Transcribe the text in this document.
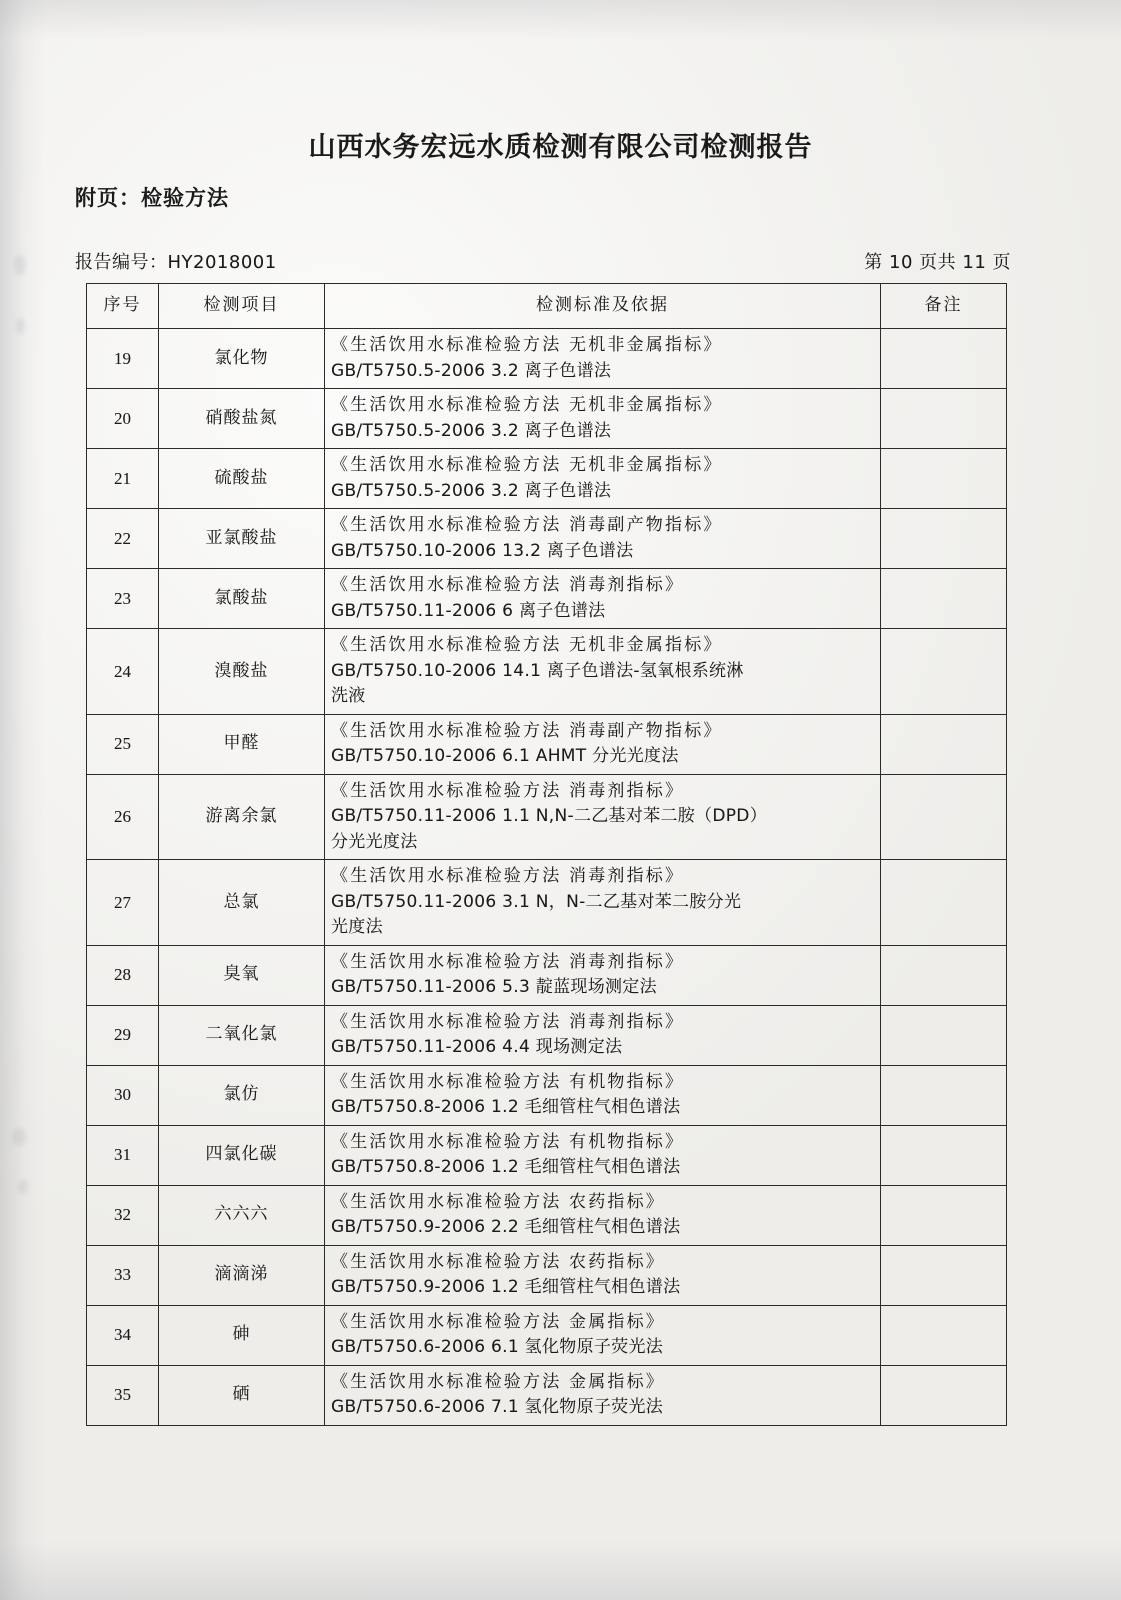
山西水务宏远水质检测有限公司检测报告
附页：检验方法
报告编号：HY2018001	第 10 页共 11 页
序号	检测项目	检测标准及依据	备注
19	氯化物	《生活饮用水标准检验方法 无机非金属指标》
GB/T5750.5-2006 3.2 离子色谱法	

20	硝酸盐氮	《生活饮用水标准检验方法 无机非金属指标》
GB/T5750.5-2006 3.2 离子色谱法	

21	硫酸盐	《生活饮用水标准检验方法 无机非金属指标》
GB/T5750.5-2006 3.2 离子色谱法	

22	亚氯酸盐	《生活饮用水标准检验方法 消毒副产物指标》
GB/T5750.10-2006 13.2 离子色谱法	

23	氯酸盐	《生活饮用水标准检验方法 消毒剂指标》
GB/T5750.11-2006 6 离子色谱法	

24	溴酸盐	《生活饮用水标准检验方法 无机非金属指标》
GB/T5750.10-2006 14.1 离子色谱法-氢氧根系统淋
洗液	

25	甲醛	《生活饮用水标准检验方法 消毒副产物指标》
GB/T5750.10-2006 6.1 AHMT 分光光度法	

26	游离余氯	《生活饮用水标准检验方法 消毒剂指标》
GB/T5750.11-2006 1.1 N,N-二乙基对苯二胺（DPD）
分光光度法	

27	总氯	《生活饮用水标准检验方法 消毒剂指标》
GB/T5750.11-2006 3.1 N，N-二乙基对苯二胺分光
光度法	

28	臭氧	《生活饮用水标准检验方法 消毒剂指标》
GB/T5750.11-2006 5.3 靛蓝现场测定法	

29	二氧化氯	《生活饮用水标准检验方法 消毒剂指标》
GB/T5750.11-2006 4.4 现场测定法	

30	氯仿	《生活饮用水标准检验方法 有机物指标》
GB/T5750.8-2006 1.2 毛细管柱气相色谱法	

31	四氯化碳	《生活饮用水标准检验方法 有机物指标》
GB/T5750.8-2006 1.2 毛细管柱气相色谱法	

32	六六六	《生活饮用水标准检验方法 农药指标》
GB/T5750.9-2006 2.2 毛细管柱气相色谱法	

33	滴滴涕	《生活饮用水标准检验方法 农药指标》
GB/T5750.9-2006 1.2 毛细管柱气相色谱法	

34	砷	《生活饮用水标准检验方法 金属指标》
GB/T5750.6-2006 6.1 氢化物原子荧光法	

35	硒	《生活饮用水标准检验方法 金属指标》
GB/T5750.6-2006 7.1 氢化物原子荧光法	
